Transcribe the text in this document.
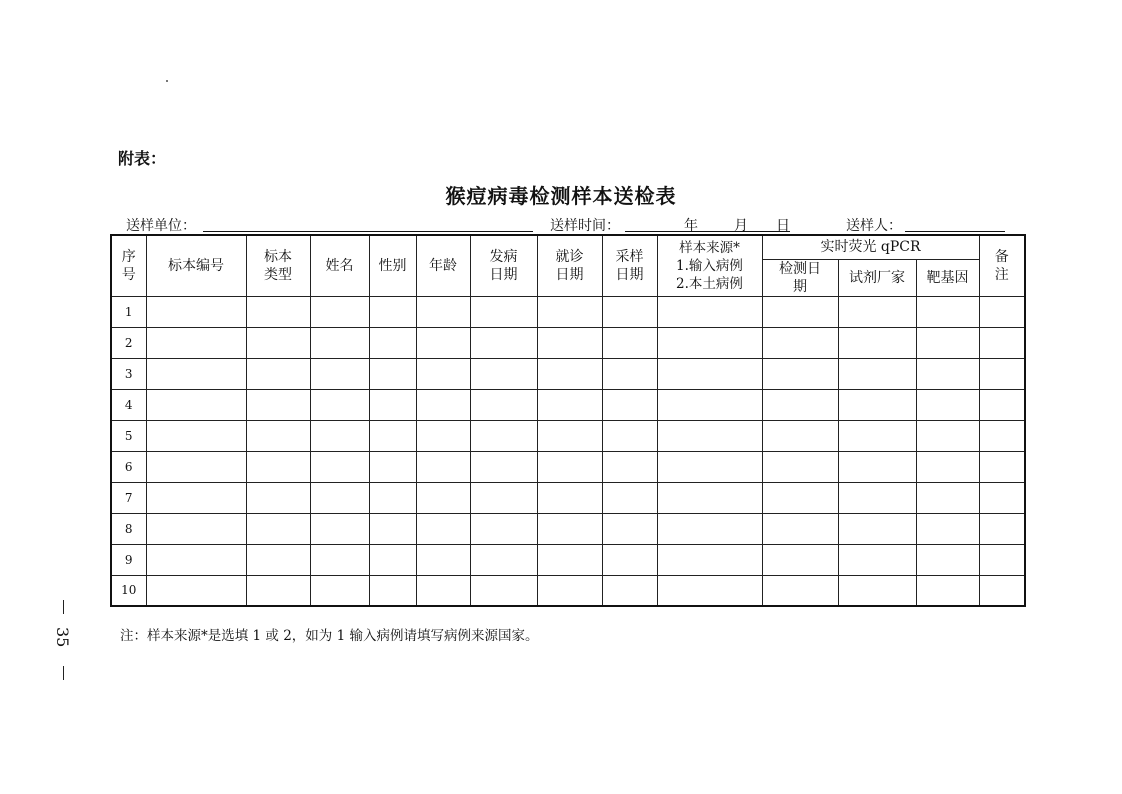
附表：
猴痘病毒检测样本送检表
送样单位：	送样时间：	年	月 日	送样人：
序号	标本编号	标本类型	姓名	性别	年龄	发病日期	就诊日期	采样日期	样本来源*
1.输入病例
2.本土病例	实时荧光 qPCR			备注

										检测日期	试剂厂家	靶基因	
1													
2													
3													
4													
5													
6													
7													
8													
9													
10													
注：样本来源*是选填 1 或 2，如为 1 输入病例请填写病例来源国家。
35
